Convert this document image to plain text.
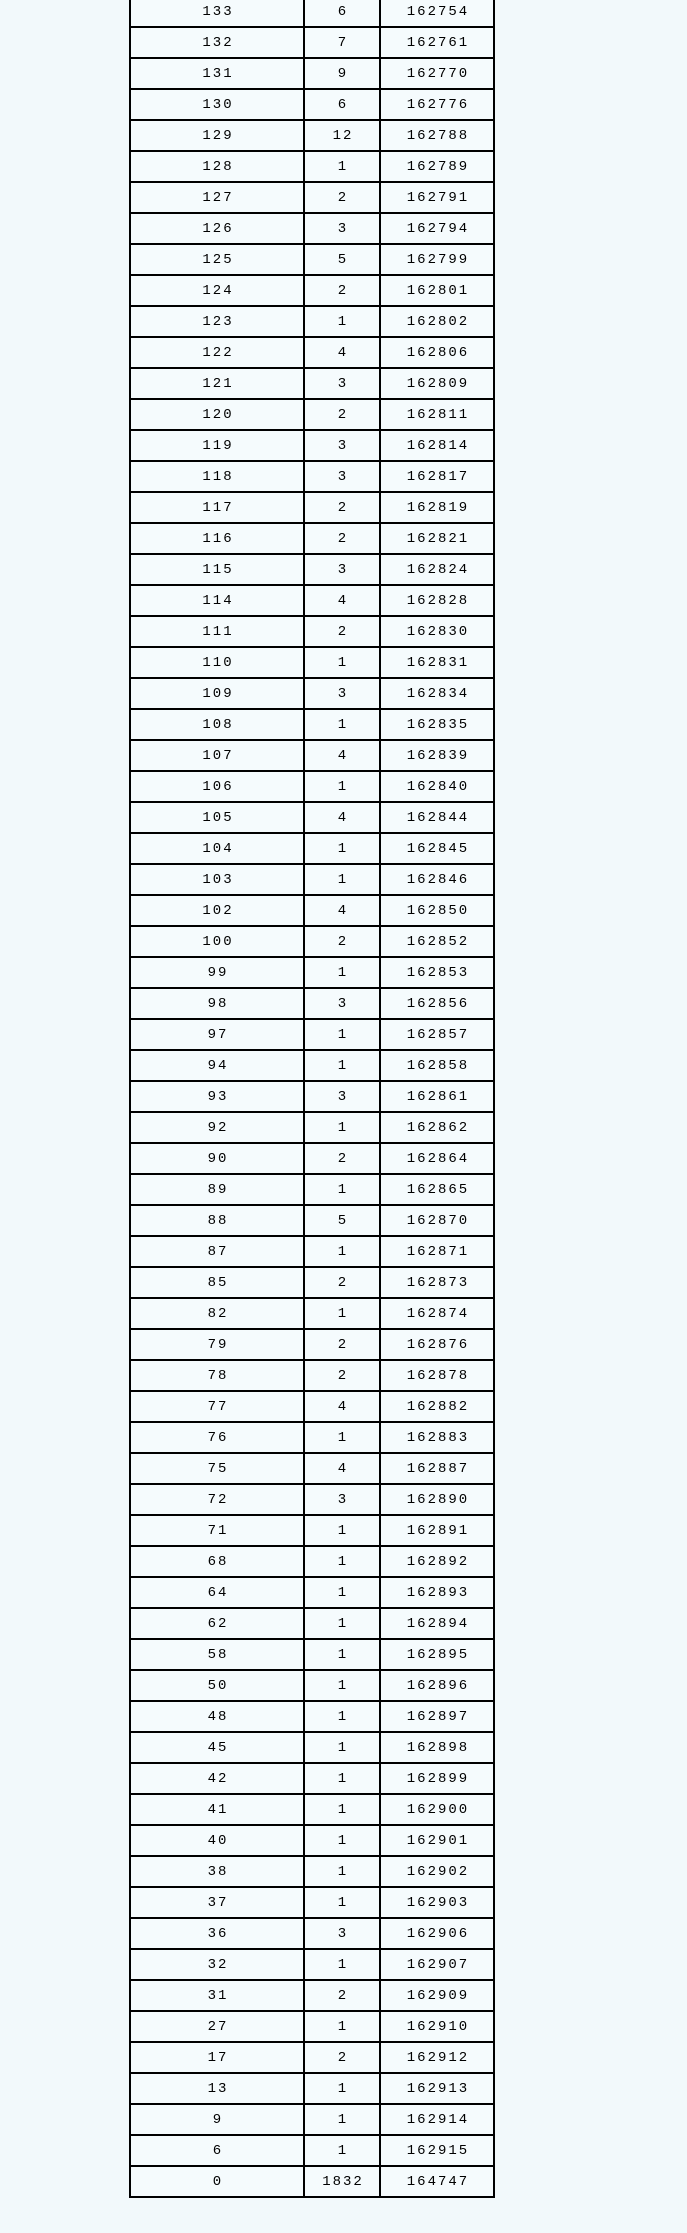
133	6	162754
132	7	162761
131	9	162770
130	6	162776
129	12	162788
128	1	162789
127	2	162791
126	3	162794
125	5	162799
124	2	162801
123	1	162802
122	4	162806
121	3	162809
120	2	162811
119	3	162814
118	3	162817
117	2	162819
116	2	162821
115	3	162824
114	4	162828
111	2	162830
110	1	162831
109	3	162834
108	1	162835
107	4	162839
106	1	162840
105	4	162844
104	1	162845
103	1	162846
102	4	162850
100	2	162852
99	1	162853
98	3	162856
97	1	162857
94	1	162858
93	3	162861
92	1	162862
90	2	162864
89	1	162865
88	5	162870
87	1	162871
85	2	162873
82	1	162874
79	2	162876
78	2	162878
77	4	162882
76	1	162883
75	4	162887
72	3	162890
71	1	162891
68	1	162892
64	1	162893
62	1	162894
58	1	162895
50	1	162896
48	1	162897
45	1	162898
42	1	162899
41	1	162900
40	1	162901
38	1	162902
37	1	162903
36	3	162906
32	1	162907
31	2	162909
27	1	162910
17	2	162912
13	1	162913
9	1	162914
6	1	162915
0	1832	164747
